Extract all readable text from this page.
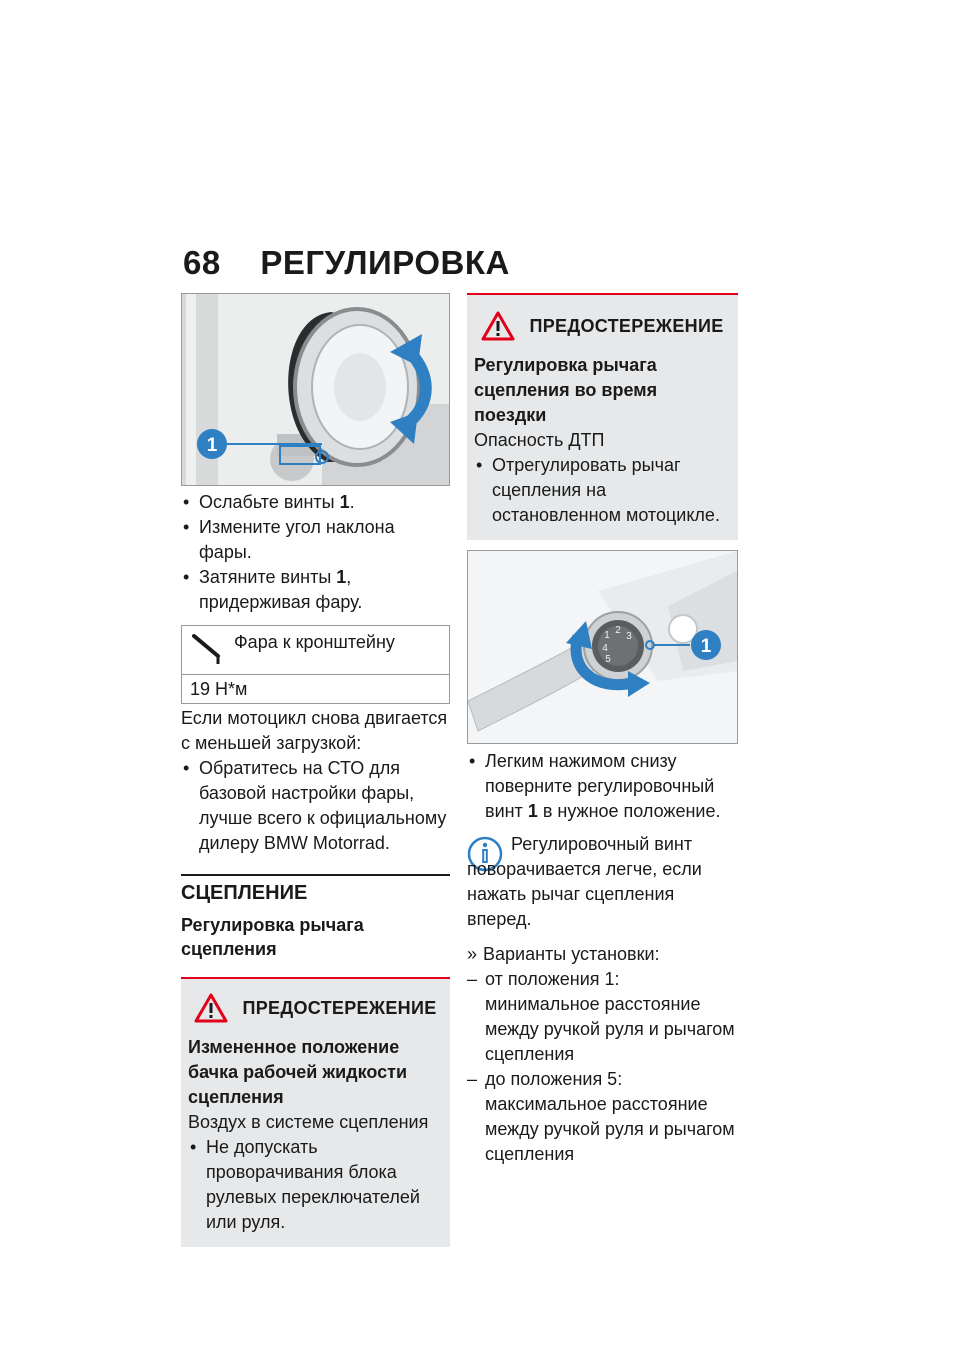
68 РЕГУЛИРОВКА
1
• Ослабьте винты 1.
• Измените угол наклона фары.
• Затяните винты 1, придерживая фару.
Фара к кронштейну
19 Н*м
Если мотоцикл снова двигается с меньшей загрузкой:
• Обратитесь на СТО для базовой настройки фары, лучше всего к официальному дилеру BMW Motorrad.
СЦЕПЛЕНИЕ
Регулировка рычага сцепления
ПРЕДОСТЕРЕЖЕНИЕ
Измененное положение бачка рабочей жидкости сцепления
Воздух в системе сцепления
• Не допускать проворачивания блока рулевых переключателей или руля.
ПРЕДОСТЕРЕЖЕНИЕ
Регулировка рычага сцепления во время поездки
Опасность ДТП
• Отрегулировать рычаг сцепления на остановленном мотоцикле.
1 2
3
4
5
1
• Легким нажимом снизу поверните регулировочный винт 1 в нужное положение.
Регулировочный винт поворачивается легче, если нажать рычаг сцепления вперед.
» Варианты установки:
– от положения 1: минимальное расстояние между ручкой руля и рычагом сцепления
– до положения 5: максимальное расстояние между ручкой руля и рычагом сцепления
